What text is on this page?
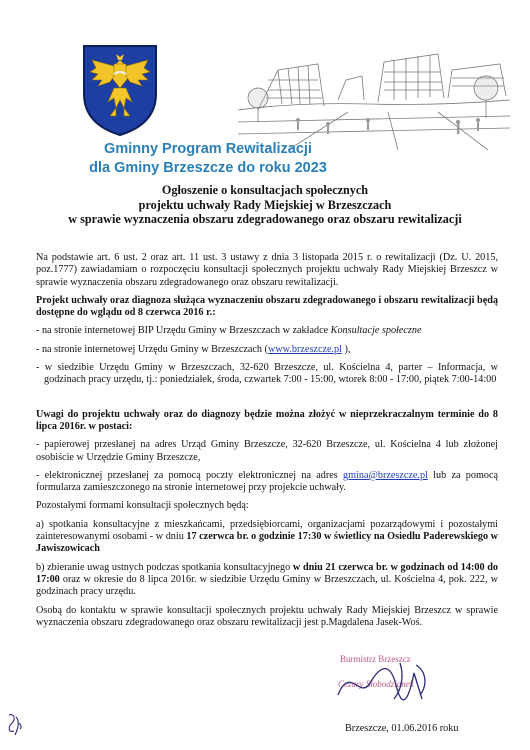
Gminny Program Rewitalizacji
dla Gminy Brzeszcze do roku 2023
Ogłoszenie o konsultacjach społecznych
projektu uchwały Rady Miejskiej w Brzeszczach
w sprawie wyznaczenia obszaru zdegradowanego oraz obszaru rewitalizacji

Na podstawie art. 6 ust. 2 oraz art. 11 ust. 3 ustawy z dnia 3 listopada 2015 r. o rewitalizacji (Dz. U. 2015, poz.1777) zawiadamiam o rozpoczęciu konsultacji społecznych projektu uchwały Rady Miejskiej Brzeszcz w sprawie wyznaczenia obszaru zdegradowanego oraz obszaru rewitalizacji.

Projekt uchwały oraz diagnoza służąca wyznaczeniu obszaru zdegradowanego i obszaru rewitalizacji będą dostępne do wglądu od 8 czerwca 2016 r.:

- na stronie internetowej BIP Urzędu Gminy w Brzeszczach w zakładce Konsultacje społeczne

- na stronie internetowej Urzędu Gminy w Brzeszczach (www.brzeszcze.pl ),

- w siedzibie Urzędu Gminy w Brzeszczach, 32-620 Brzeszcze, ul. Kościelna 4, parter – Informacja, w godzinach pracy urzędu, tj.: poniedziałek, środa, czwartek 7:00 - 15:00, wtorek 8:00 - 17:00, piątek 7:00-14:00

Uwagi do projektu uchwały oraz do diagnozy będzie można złożyć w nieprzekraczalnym terminie do 8 lipca 2016r. w postaci:

- papierowej przesłanej na adres Urząd Gminy Brzeszcze, 32-620 Brzeszcze, ul. Kościelna 4 lub złożonej osobiście w Urzędzie Gminy Brzeszcze,

- elektronicznej przesłanej za pomocą poczty elektronicznej na adres gmina@brzeszcze.pl lub za pomocą formularza zamieszczonego na stronie internetowej przy projekcie uchwały.

Pozostałymi formami konsultacji społecznych będą:

a) spotkania konsultacyjne z mieszkańcami, przedsiębiorcami, organizacjami pozarządowymi i pozostałymi zainteresowanymi osobami - w dniu 17 czerwca br. o godzinie 17:30 w świetlicy na Osiedlu Paderewskiego w Jawiszowicach

b) zbieranie uwag ustnych podczas spotkania konsultacyjnego w dniu 21 czerwca br. w godzinach od 14:00 do 17:00 oraz w okresie do 8 lipca 2016r. w siedzibie Urzędu Gminy w Brzeszczach, ul. Kościelna 4, pok. 222, w godzinach pracy urzędu.

Osobą do kontaktu w sprawie konsultacji społecznych projektu uchwały Rady Miejskiej Brzeszcz w sprawie wyznaczenia obszaru zdegradowanego oraz obszaru rewitalizacji jest p.Magdalena Jasek-Woś.

Burmistrz Brzeszcz
Cezary Słobodzianek
Brzeszcze, 01.06.2016 roku
